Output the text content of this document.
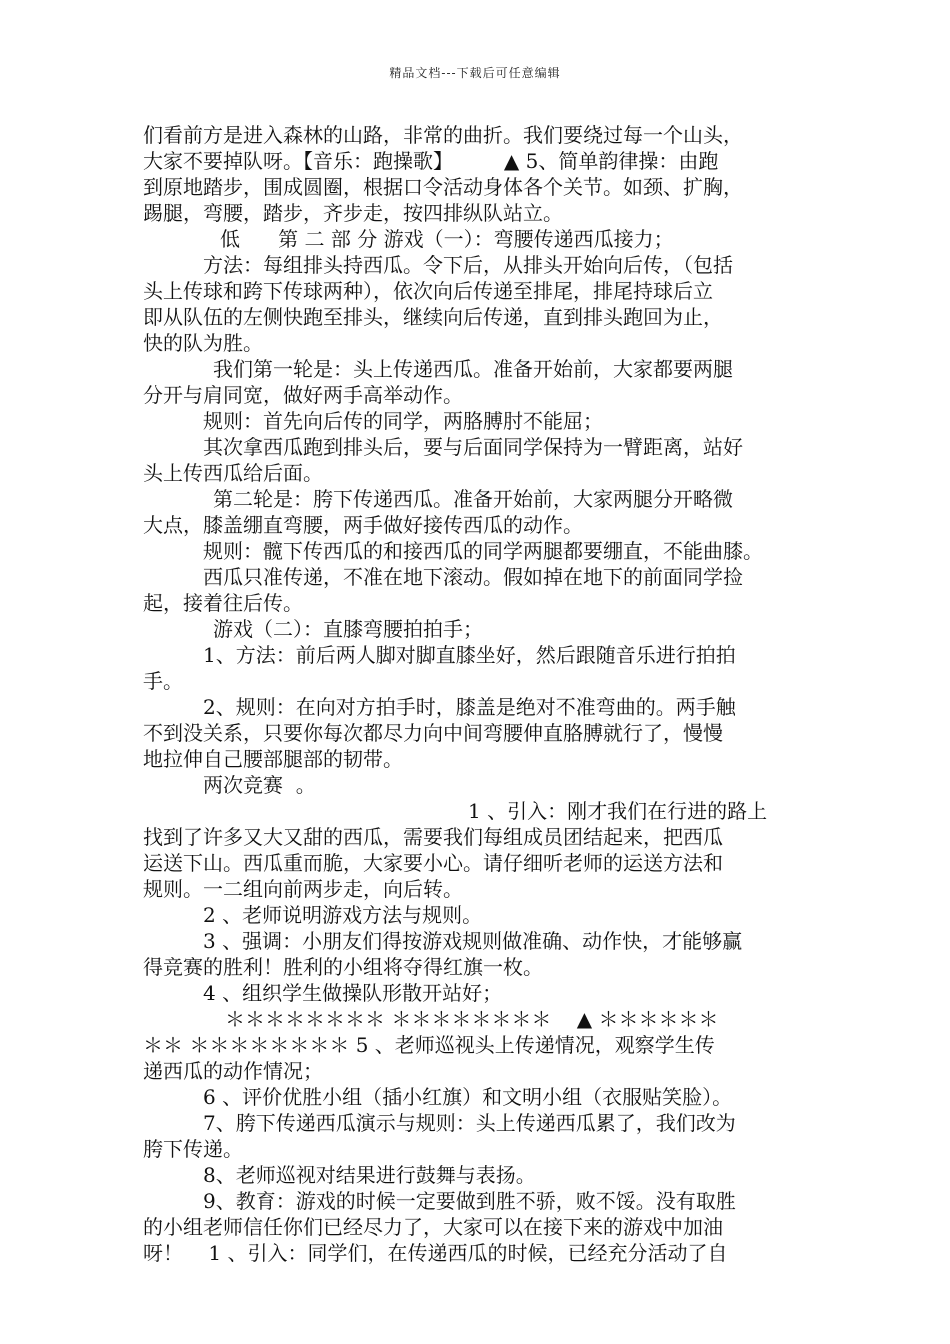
精品文档---下载后可任意编辑
们看前方是进入森林的山路，非常的曲折。我们要绕过每一个山头，
大家不要掉队呀。【音乐：跑操歌】        ▲ 5、简单韵律操：由跑
到原地踏步，围成圆圈，根据口令活动身体各个关节。如颈、扩胸，
踢腿，弯腰，踏步，齐步走，按四排纵队站立。
低      第 二 部 分 游戏（一）：弯腰传递西瓜接力；
方法：每组排头持西瓜。令下后，从排头开始向后传，（包括
头上传球和跨下传球两种），依次向后传递至排尾，排尾持球后立
即从队伍的左侧快跑至排头，继续向后传递，直到排头跑回为止，
快的队为胜。
我们第一轮是：头上传递西瓜。准备开始前，大家都要两腿
分开与肩同宽，做好两手高举动作。
规则：首先向后传的同学，两胳膊肘不能屈；
其次拿西瓜跑到排头后，要与后面同学保持为一臂距离，站好
头上传西瓜给后面。
第二轮是：胯下传递西瓜。准备开始前，大家两腿分开略微
大点，膝盖绷直弯腰，两手做好接传西瓜的动作。
规则：髋下传西瓜的和接西瓜的同学两腿都要绷直，不能曲膝。
西瓜只准传递，不准在地下滚动。假如掉在地下的前面同学捡
起，接着往后传。
游戏（二）：直膝弯腰拍拍手；
1、方法：前后两人脚对脚直膝坐好，然后跟随音乐进行拍拍
手。
2、规则：在向对方拍手时，膝盖是绝对不准弯曲的。两手触
不到没关系，只要你每次都尽力向中间弯腰伸直胳膊就行了，慢慢
地拉伸自己腰部腿部的韧带。
两次竞赛  。
1 、引入：刚才我们在行进的路上
找到了许多又大又甜的西瓜，需要我们每组成员团结起来，把西瓜
运送下山。西瓜重而脆，大家要小心。请仔细听老师的运送方法和
规则。一二组向前两步走，向后转。
2 、老师说明游戏方法与规则。
3 、强调：小朋友们得按游戏规则做准确、动作快，才能够赢
得竞赛的胜利！胜利的小组将夺得红旗一枚。
4 、组织学生做操队形散开站好；
＊＊＊＊＊＊＊＊ ＊＊＊＊＊＊＊＊    ▲ ＊＊＊＊＊＊
＊＊ ＊＊＊＊＊＊＊＊ 5 、老师巡视头上传递情况，观察学生传
递西瓜的动作情况；
6 、评价优胜小组（插小红旗）和文明小组（衣服贴笑脸）。
7、胯下传递西瓜演示与规则：头上传递西瓜累了，我们改为
胯下传递。
8、老师巡视对结果进行鼓舞与表扬。
9、教育：游戏的时候一定要做到胜不骄，败不馁。没有取胜
的小组老师信任你们已经尽力了，大家可以在接下来的游戏中加油
呀！    1 、引入：同学们，在传递西瓜的时候，已经充分活动了自
